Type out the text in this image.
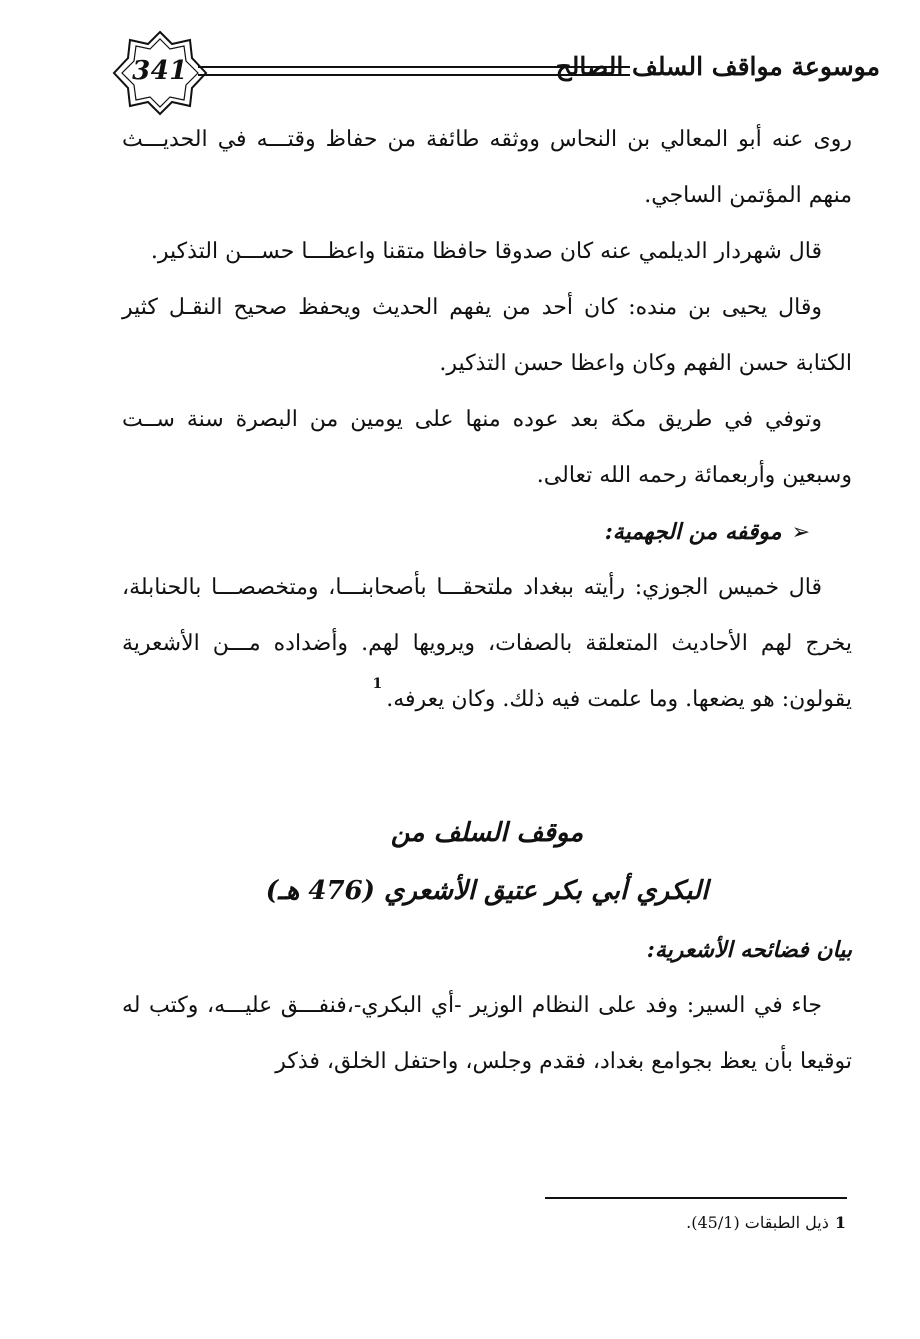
341	موسوعة مواقف السلف الصالح

روى عنه أبو المعالي بن النحاس ووثقه طائفة من حفاظ وقتـــه في الحديـــث منهم المؤتمن الساجي.

قال شهردار الديلمي عنه كان صدوقا حافظا متقنا واعظـــا حســـن التذكير.

وقال يحيى بن منده: كان أحد من يفهم الحديث ويحفظ صحيح النقـل كثير الكتابة حسن الفهم وكان واعظا حسن التذكير.

وتوفي في طريق مكة بعد عوده منها على يومين من البصرة سنة ســت وسبعين وأربعمائة رحمه الله تعالى.

➢موقفه من الجهمية:

قال خميس الجوزي: رأيته ببغداد ملتحقـــا بأصحابنـــا، ومتخصصـــا بالحنابلة، يخرج لهم الأحاديث المتعلقة بالصفات، ويرويها لهم. وأضداده مـــن الأشعرية يقولون: هو يضعها. وما علمت فيه ذلك. وكان يعرفه.$^1$

موقف السلف من

البكري أبي بكر عتيق الأشعري (476 هـ)

بيان فضائحه الأشعرية:

جاء في السير: وفد على النظام الوزير -أي البكري-،فنفـــق عليـــه، وكتب له توقيعا بأن يعظ بجوامع بغداد، فقدم وجلس، واحتفل الخلق، فذكر

1ذيل الطبقات (45/1).
